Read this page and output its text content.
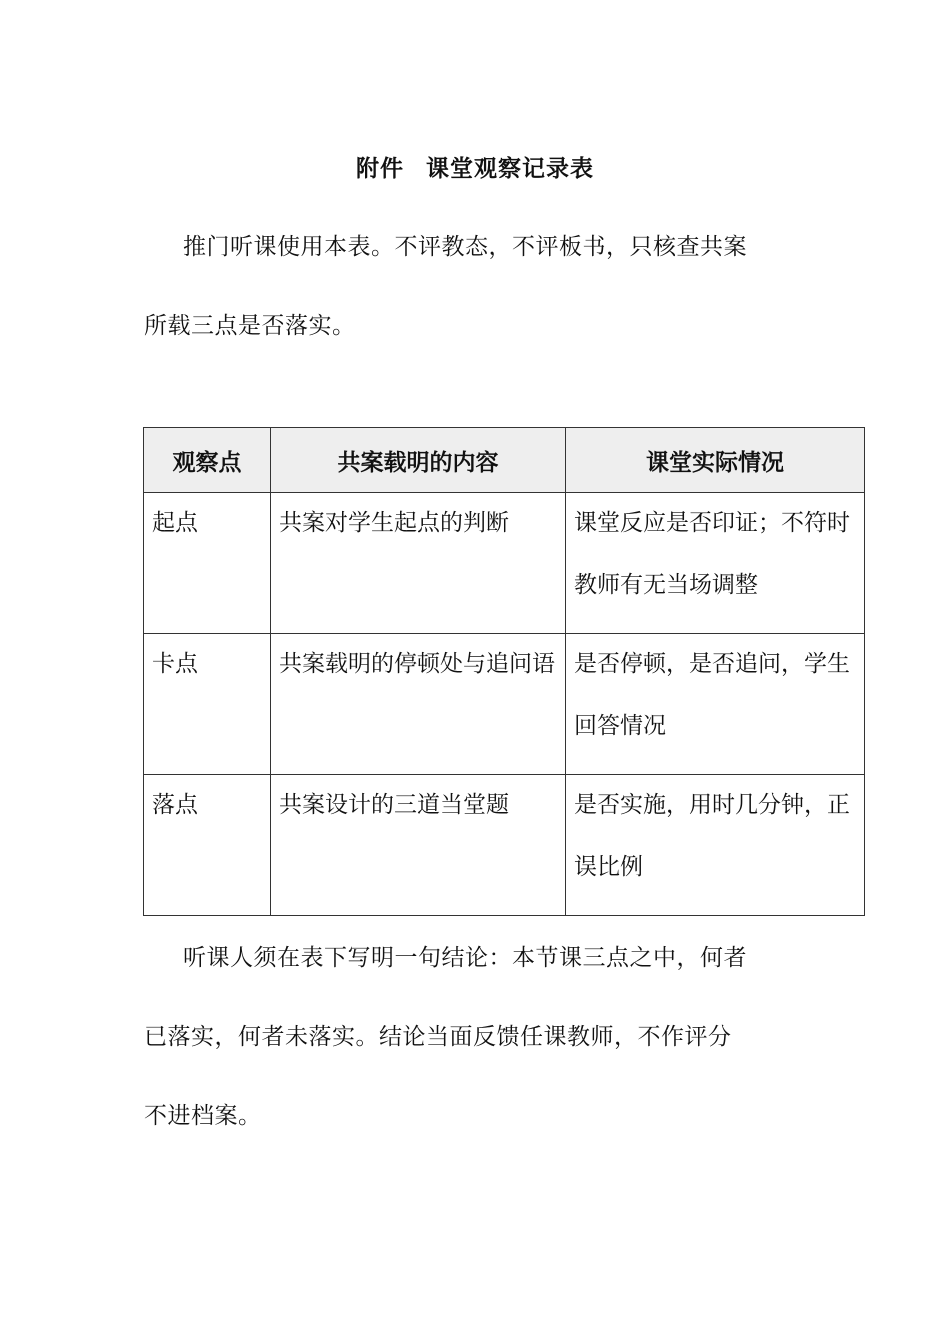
附件 课堂观察记录表

推门听课使用本表。不评教态，不评板书，只核查共案

所载三点是否落实。

观察点	共案载明的内容	课堂实际情况

起点	共案对学生起点的判断	课堂反应是否印证；不符时教师有无当场调整

卡点	共案载明的停顿处与追问语	是否停顿，是否追问，学生回答情况

落点	共案设计的三道当堂题	是否实施，用时几分钟，正误比例

听课人须在表下写明一句结论：本节课三点之中，何者

已落实，何者未落实。结论当面反馈任课教师，不作评分

不进档案。
